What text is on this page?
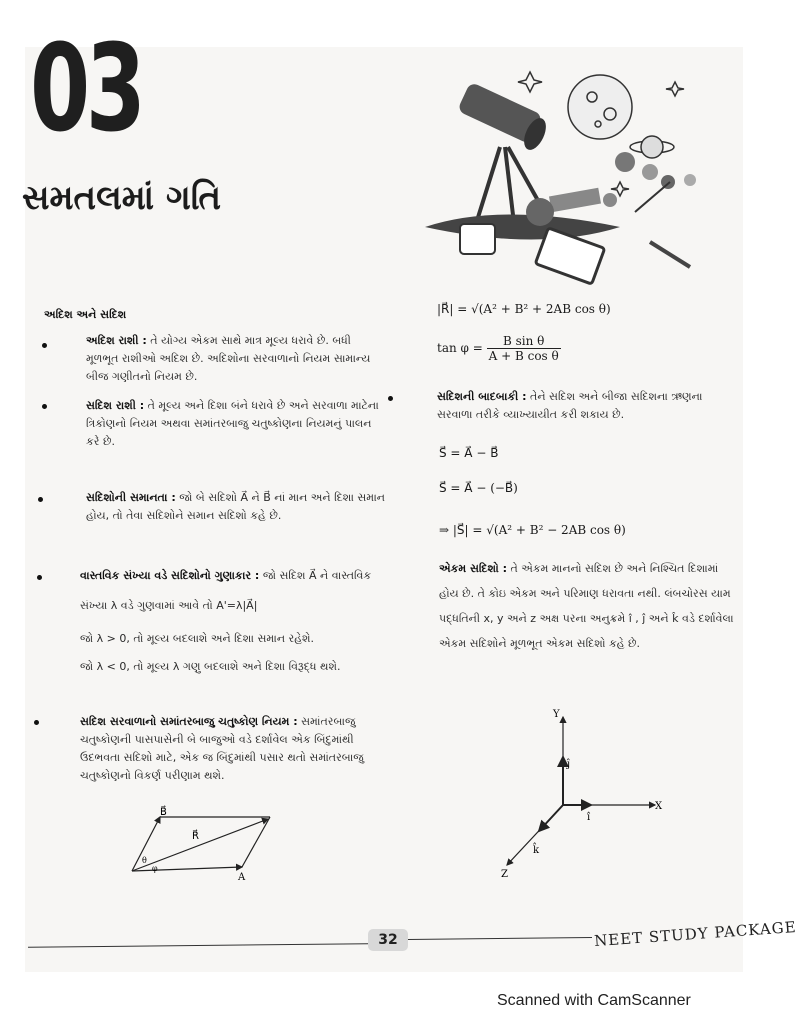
03
સમતલમાં ગતિ
અદિશ અને સદિશ
અદિશ રાશી : તે યોગ્ય એકમ સાથે માત્ર મૂલ્ય ધરાવે છે. બધી મૂળભૂત રાશીઓ અદિશ છે. અદિશોના સરવાળાનો નિયમ સામાન્ય બીજ ગણીતનો નિયમ છે.
સદિશ રાશી : તે મૂલ્ય અને દિશા બંને ધરાવે છે અને સરવાળા માટેના ત્રિકોણનો નિયમ અથવા સમાંતરબાજુ ચતુષ્કોણના નિયમનું પાલન કરે છે.
સદિશોની સમાનતા : જો બે સદિશો A⃗ ને B⃗ નાં માન અને દિશા સમાન હોય, તો તેવા સદિશોને સમાન સદિશો કહે છે.
વાસ્તવિક સંખ્યા વડે સદિશોનો ગુણાકાર : જો સદિશ A⃗ ને વાસ્તવિક
સંખ્યા λ વડે ગુણવામાં આવે તો A'=λ|A⃗|
જો λ > 0, તો મૂલ્ય બદલાશે અને દિશા સમાન રહેશે.
જો λ < 0, તો મૂલ્ય λ ગણુ બદલાશે અને દિશા વિરૂદ્ધ થશે.
સદિશ સરવાળાનો સમાંતરબાજુ ચતુષ્કોણ નિયમ : સમાંતરબાજુ ચતુષ્કોણની પાસપાસેની બે બાજુઓ વડે દર્શાવેલ એક બિંદુમાંથી ઉદભવતા સદિશો માટે, એક જ બિંદુમાંથી પસાર થતો સમાંતરબાજુ ચતુષ્કોણનો વિકર્ણ પરીણામ થશે.
B⃗
R⃗
A
θ
φ
|R⃗| = √(A² + B² + 2AB cos θ)
$\tan \varphi = \frac{\text{B sin θ}}{\text{A + B cos θ}}$
સદિશની બાદબાકી : તેને સદિશ અને બીજા સદિશના ઋણના સરવાળા તરીકે વ્યાખ્યાયીત કરી શકાય છે.
S⃗ = A⃗ − B⃗
S⃗ = A⃗ − (−B⃗)
⇒ |S⃗| = √(A² + B² − 2AB cos θ)
એકમ સદિશો : તે એકમ માનનો સદિશ છે અને નિશ્ચિત દિશામાં હોય છે. તે કોઇ એકમ અને પરિમાણ ધરાવતા નથી. લંબચોરસ યામ પદ્ધતિની x, y અને z અક્ષ પરના અનુક્રમે î , ĵ અને k̂ વડે દર્શાવેલા એકમ સદિશોને મૂળભૂત એકમ સદિશો કહે છે.
Y
X
Z
ĵ
î
k̂
32	NEET STUDY PACKAGE
Scanned with CamScanner
